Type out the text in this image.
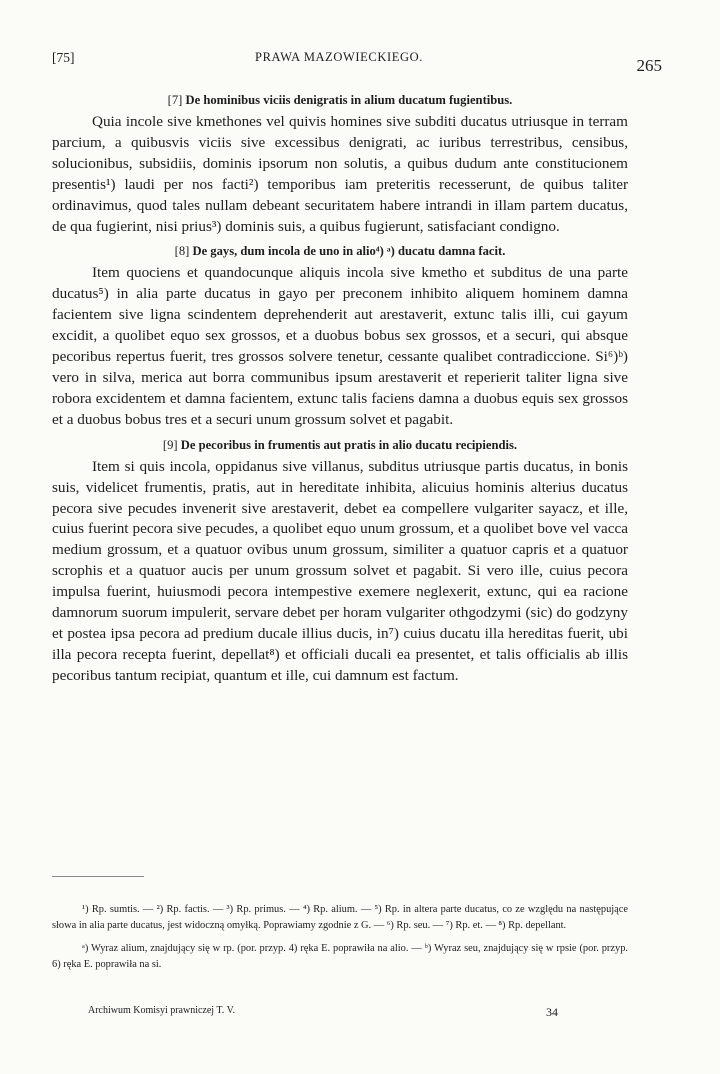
[75]	PRAWA MAZOWIECKIEGO.	265

[7] De hominibus viciis denigratis in alium ducatum fugientibus.

Quia incole sive kmethones vel quivis homines sive subditi ducatus utriusque in terram parcium, a quibusvis viciis sive excessibus denigrati, ac iuribus terrestribus, censibus, solucionibus, subsidiis, dominis ipsorum non solutis, a quibus dudum ante constitucionem presentis¹) laudi per nos facti²) temporibus iam preteritis recesserunt, de quibus taliter ordinavimus, quod tales nullam debeant securitatem habere intrandi in illam partem ducatus, de qua fugierint, nisi prius³) dominis suis, a quibus fugierunt, satisfaciant condigno.

[8] De gays, dum incola de uno in alio⁴) ᵃ) ducatu damna facit.

Item quociens et quandocunque aliquis incola sive kmetho et subditus de una parte ducatus⁵) in alia parte ducatus in gayo per preconem inhibito aliquem hominem damna facientem sive ligna scindentem deprehenderit aut arestaverit, extunc talis illi, cui gayum excidit, a quolibet equo sex grossos, et a duobus bobus sex grossos, et a securi, qui absque pecoribus repertus fuerit, tres grossos solvere tenetur, cessante qualibet contradiccione. Si⁶)ᵇ) vero in silva, merica aut borra communibus ipsum arestaverit et reperierit taliter ligna sive robora excidentem et damna facientem, extunc talis faciens damna a duobus equis sex grossos et a duobus bobus tres et a securi unum grossum solvet et pagabit.

[9] De pecoribus in frumentis aut pratis in alio ducatu recipiendis.

Item si quis incola, oppidanus sive villanus, subditus utriusque partis ducatus, in bonis suis, videlicet frumentis, pratis, aut in hereditate inhibita, alicuius hominis alterius ducatus pecora sive pecudes invenerit sive arestaverit, debet ea compellere vulgariter sayacz, et ille, cuius fuerint pecora sive pecudes, a quolibet equo unum grossum, et a quolibet bove vel vacca medium grossum, et a quatuor ovibus unum grossum, similiter a quatuor capris et a quatuor scrophis et a quatuor aucis per unum grossum solvet et pagabit. Si vero ille, cuius pecora impulsa fuerint, huiusmodi pecora intempestive exemere neglexerit, extunc, qui ea racione damnorum suorum impulerit, servare debet per horam vulgariter othgodzymi (sic) do godzyny et postea ipsa pecora ad predium ducale illius ducis, in⁷) cuius ducatu illa hereditas fuerit, ubi illa pecora recepta fuerint, depellat⁸) et officiali ducali ea presentet, et talis officialis ab illis pecoribus tantum recipiat, quantum et ille, cui damnum est factum.

¹) Rp. sumtis. — ²) Rp. factis. — ³) Rp. primus. — ⁴) Rp. alium. — ⁵) Rp. in altera parte ducatus, co ze względu na następujące słowa in alia parte ducatus, jest widoczną omyłką. Poprawiamy zgodnie z G. — ⁶) Rp. seu. — ⁷) Rp. et. — ⁸) Rp. depellant.

ᵃ) Wyraz alium, znajdujący się w rp. (por. przyp. 4) ręka E. poprawiła na alio. — ᵇ) Wyraz seu, znajdujący się w rpsie (por. przyp. 6) ręka E. poprawiła na si.

Archiwum Komisyi prawniczej T. V.	34
